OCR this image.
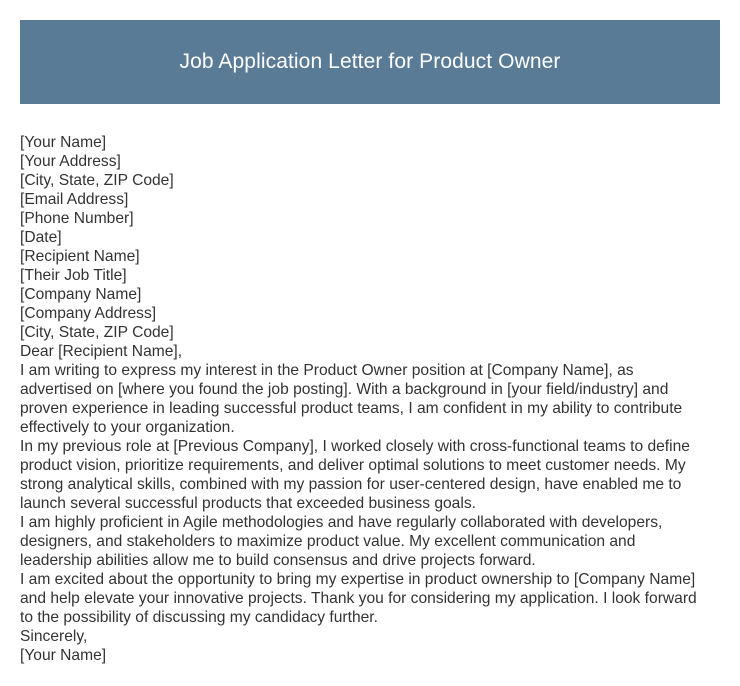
Job Application Letter for Product Owner
[Your Name]
[Your Address]
[City, State, ZIP Code]
[Email Address]
[Phone Number]
[Date]
[Recipient Name]
[Their Job Title]
[Company Name]
[Company Address]
[City, State, ZIP Code]
Dear [Recipient Name],
I am writing to express my interest in the Product Owner position at [Company Name], as
advertised on [where you found the job posting]. With a background in [your field/industry] and
proven experience in leading successful product teams, I am confident in my ability to contribute
effectively to your organization.
In my previous role at [Previous Company], I worked closely with cross-functional teams to define
product vision, prioritize requirements, and deliver optimal solutions to meet customer needs. My
strong analytical skills, combined with my passion for user-centered design, have enabled me to
launch several successful products that exceeded business goals.
I am highly proficient in Agile methodologies and have regularly collaborated with developers,
designers, and stakeholders to maximize product value. My excellent communication and
leadership abilities allow me to build consensus and drive projects forward.
I am excited about the opportunity to bring my expertise in product ownership to [Company Name]
and help elevate your innovative projects. Thank you for considering my application. I look forward
to the possibility of discussing my candidacy further.
Sincerely,
[Your Name]
